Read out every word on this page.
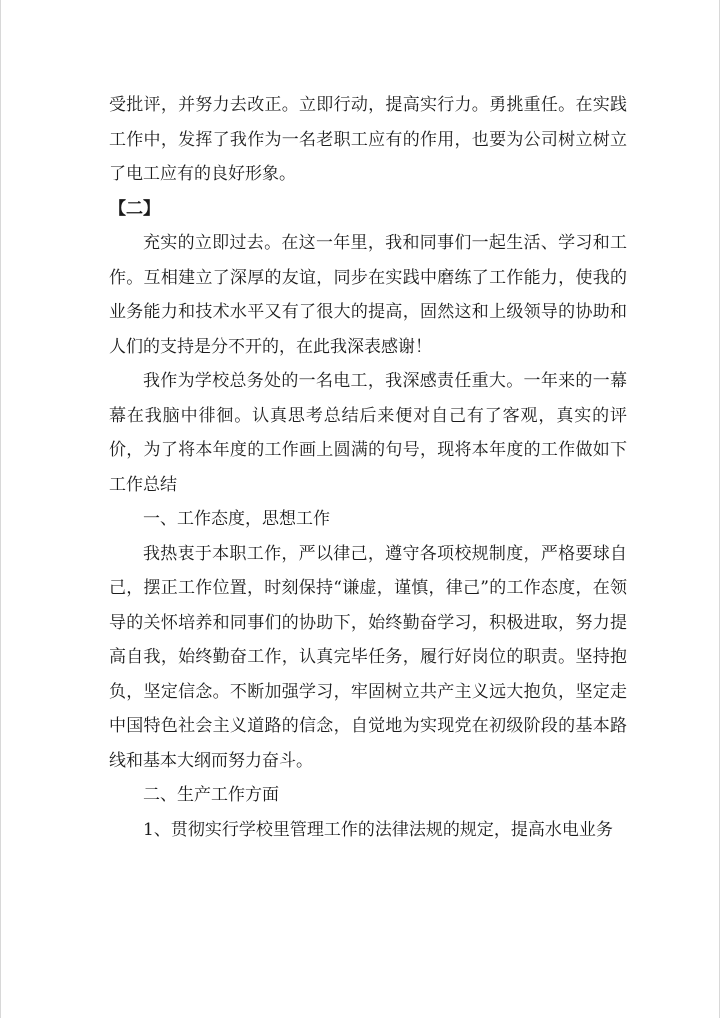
受批评，并努力去改正。立即行动，提高实行力。勇挑重任。在实践工作中，发挥了我作为一名老职工应有的作用，也要为公司树立树立了电工应有的良好形象。

【二】

充实的立即过去。在这一年里，我和同事们一起生活、学习和工作。互相建立了深厚的友谊，同步在实践中磨练了工作能力，使我的业务能力和技术水平又有了很大的提高，固然这和上级领导的协助和人们的支持是分不开的，在此我深表感谢！

我作为学校总务处的一名电工，我深感责任重大。一年来的一幕幕在我脑中徘徊。认真思考总结后来便对自己有了客观，真实的评价，为了将本年度的工作画上圆满的句号，现将本年度的工作做如下工作总结

一、工作态度，思想工作

我热衷于本职工作，严以律己，遵守各项校规制度，严格要球自己，摆正工作位置，时刻保持“谦虚，谨慎，律己”的工作态度，在领导的关怀培养和同事们的协助下，始终勤奋学习，积极进取，努力提高自我，始终勤奋工作，认真完毕任务，履行好岗位的职责。坚持抱负，坚定信念。不断加强学习，牢固树立共产主义远大抱负，坚定走中国特色社会主义道路的信念，自觉地为实现党在初级阶段的基本路线和基本大纲而努力奋斗。

二、生产工作方面

1、贯彻实行学校里管理工作的法律法规的规定，提高水电业务
